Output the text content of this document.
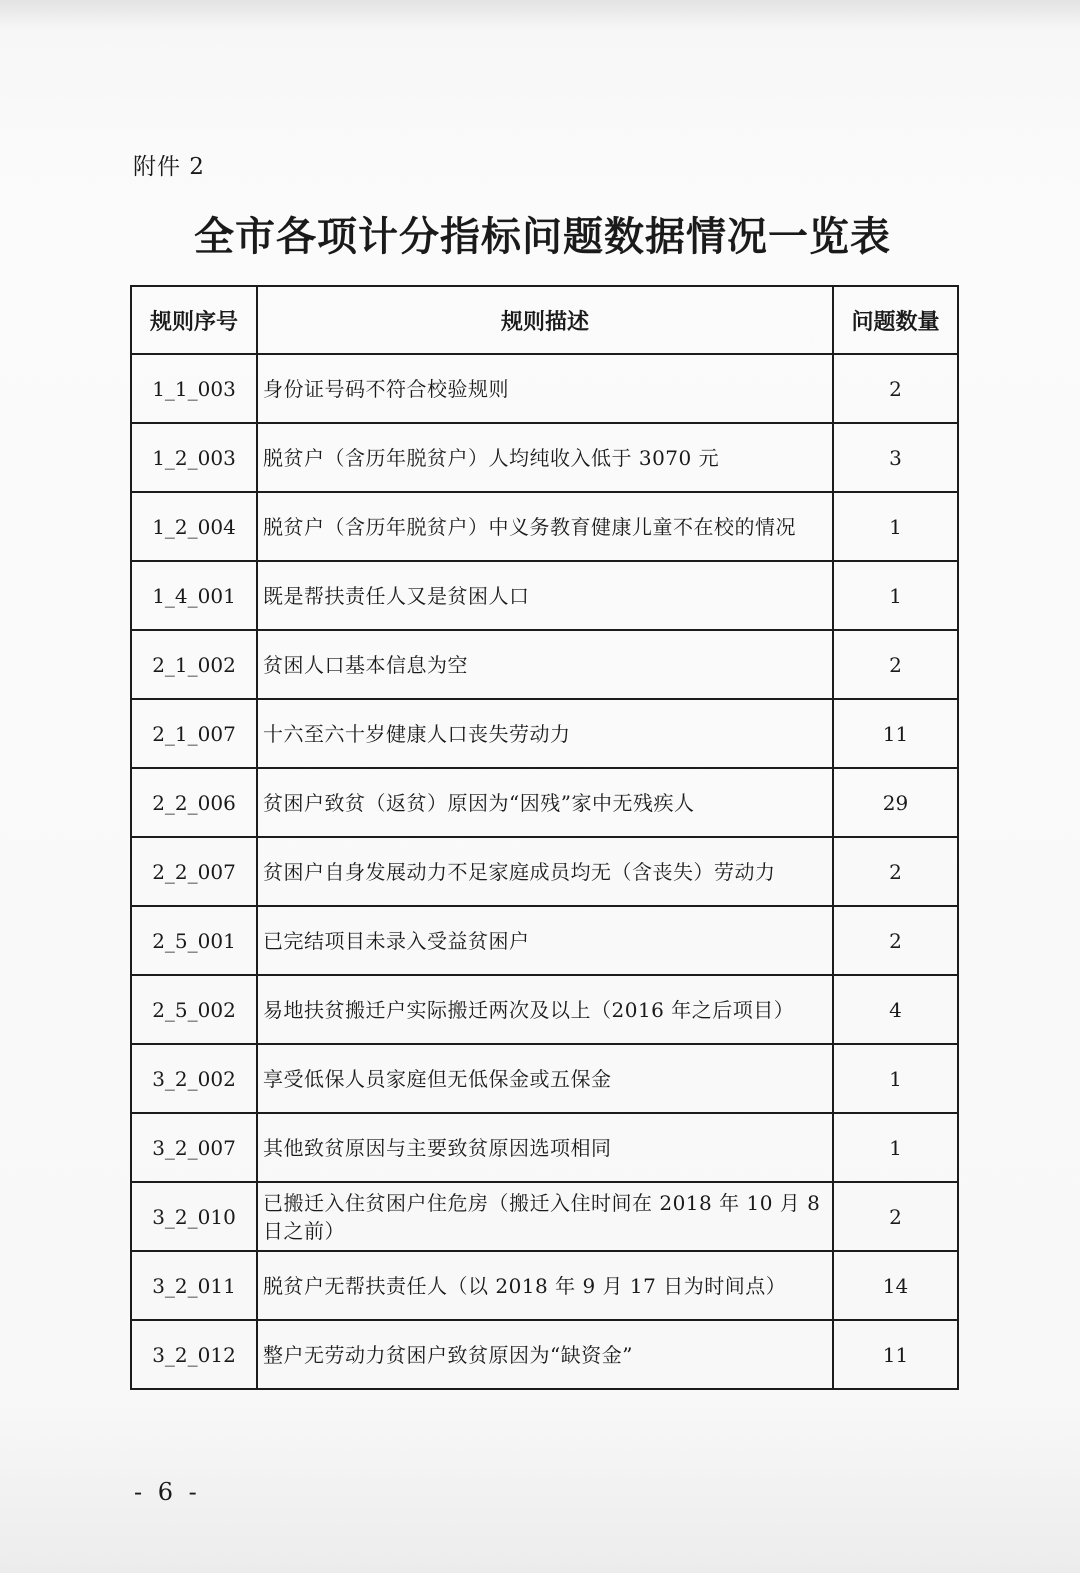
附件 2
全市各项计分指标问题数据情况一览表
规则序号	规则描述	问题数量
1_1_003	身份证号码不符合校验规则	2
1_2_003	脱贫户（含历年脱贫户）人均纯收入低于 3070 元	3
1_2_004	脱贫户（含历年脱贫户）中义务教育健康儿童不在校的情况	1
1_4_001	既是帮扶责任人又是贫困人口	1
2_1_002	贫困人口基本信息为空	2
2_1_007	十六至六十岁健康人口丧失劳动力	11
2_2_006	贫困户致贫（返贫）原因为“因残”家中无残疾人	29
2_2_007	贫困户自身发展动力不足家庭成员均无（含丧失）劳动力	2
2_5_001	已完结项目未录入受益贫困户	2
2_5_002	易地扶贫搬迁户实际搬迁两次及以上（2016 年之后项目）	4
3_2_002	享受低保人员家庭但无低保金或五保金	1
3_2_007	其他致贫原因与主要致贫原因选项相同	1
3_2_010	已搬迁入住贫困户住危房（搬迁入住时间在 2018 年 10 月 8 日之前）	2
3_2_011	脱贫户无帮扶责任人（以 2018 年 9 月 17 日为时间点）	14
3_2_012	整户无劳动力贫困户致贫原因为“缺资金”	11
- 6 -
